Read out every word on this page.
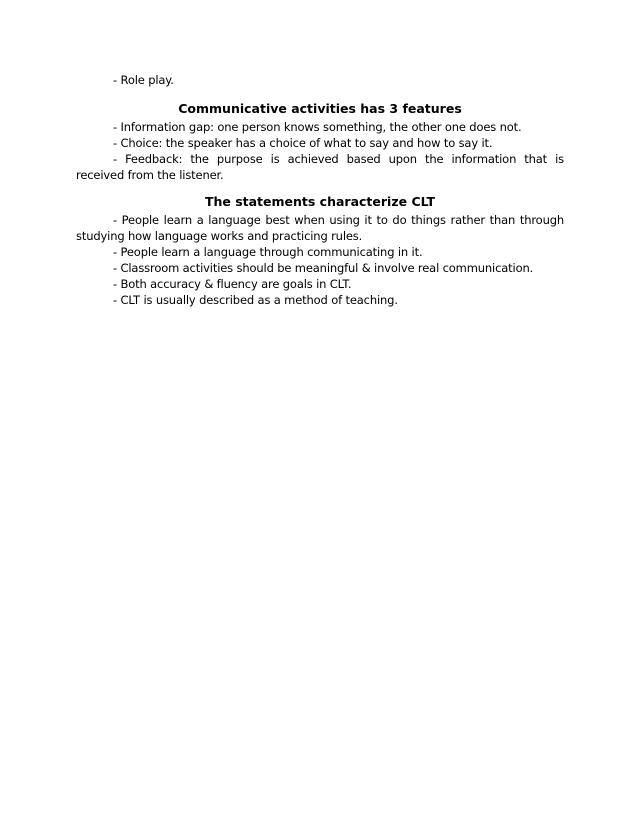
- Role play.

Communicative activities has 3 features

- Information gap: one person knows something, the other one does not.

- Choice: the speaker has a choice of what to say and how to say it.

- Feedback: the purpose is achieved based upon the information that is received from the listener.

The statements characterize CLT

- People learn a language best when using it to do things rather than through studying how language works and practicing rules.

- People learn a language through communicating in it.

- Classroom activities should be meaningful & involve real communication.

- Both accuracy & fluency are goals in CLT.

- CLT is usually described as a method of teaching.
